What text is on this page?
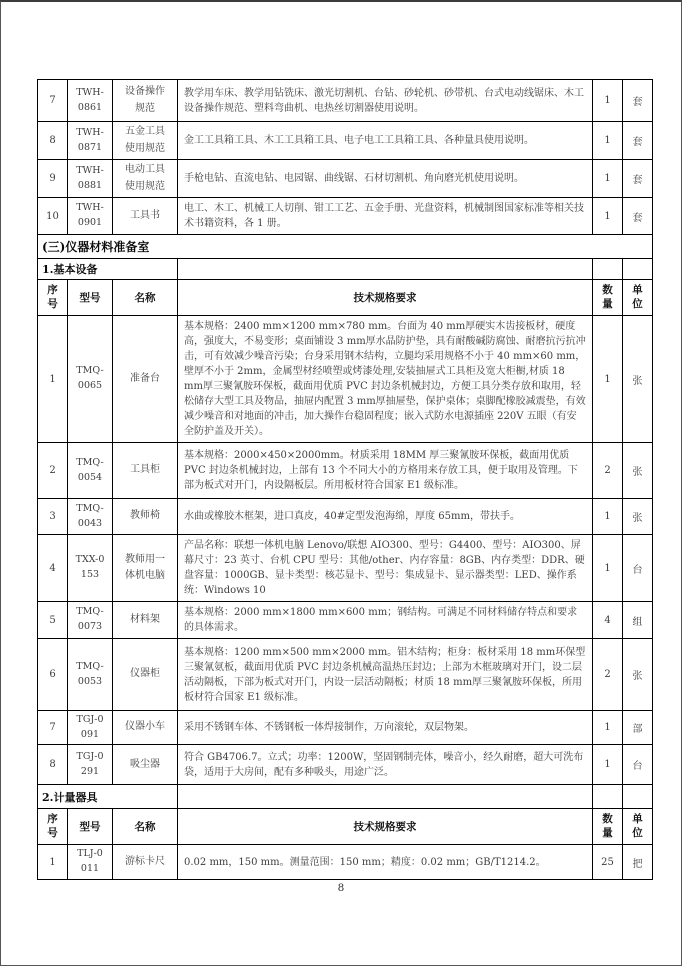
7	TWH-0861	设备操作规范	教学用车床、教学用钻铣床、激光切割机、台钻、砂轮机、砂带机、台式电动线锯床、木工设备操作规范、塑料弯曲机、电热丝切割器使用说明。	1	套
8	TWH-0871	五金工具使用规范	金工工具箱工具、木工工具箱工具、电子电工工具箱工具、各种量具使用说明。	1	套
9	TWH-0881	电动工具使用规范	手枪电钻、直流电钻、电园锯、曲线锯、石材切割机、角向磨光机使用说明。	1	套
10	TWH-0901	工具书	电工、木工、机械工人切削、钳工工艺、五金手册、光盘资料，机械制图国家标准等相关技术书籍资料，各 1 册。	1	套
(三)仪器材料准备室					
1.基本设备					

序号	型号	名称	技术规格要求	数量	单位

1	TMQ-0065	准备台	基本规格：2400 mm×1200 mm×780 mm。台面为 40 mm厚硬实木齿接板材，硬度高，强度大，不易变形；桌面铺设 3 mm厚水晶防护垫，具有耐酸碱防腐蚀、耐磨抗污抗冲击，可有效减少噪音污染；台身采用钢木结构，立腿均采用规格不小于 40 mm×60 mm，壁厚不小于 2mm，金属型材经喷塑或烤漆处理,安装抽屉式工具柜及宽大柜橱,材质 18 mm厚三聚氰胺环保板，截面用优质 PVC 封边条机械封边，方便工具分类存放和取用，轻松储存大型工具及物品，抽屉内配置 3 mm厚抽屉垫，保护桌体；桌脚配橡胶减震垫，有效减少噪音和对地面的冲击，加大操作台稳固程度；嵌入式防水电源插座 220V 五眼（有安全防护盖及开关）。	1	张
2	TMQ-0054	工具柜	基本规格：2000×450×2000mm。材质采用 18MM 厚三聚氰胺环保板，截面用优质 PVC 封边条机械封边，上部有 13 个不同大小的方格用来存放工具，便于取用及管理。下部为板式对开门，内设隔板层。所用板材符合国家 E1 级标准。	2	张
3	TMQ-0043	教师椅	水曲或橡胶木框架，进口真皮，40#定型发泡海绵，厚度 65mm，带扶手。	1	张
4	TXX-0153	教师用一体机电脑	产品名称：联想一体机电脑 Lenovo/联想 AIO300、型号：G4400、型号：AIO300、屏幕尺寸：23 英寸、台机 CPU 型号：其他/other、内存容量：8GB、内存类型：DDR、硬盘容量：1000GB、显卡类型：核芯显卡、型号：集成显卡、显示器类型：LED、操作系统：Windows 10	1	台
5	TMQ-0073	材料架	基本规格：2000 mm×1800 mm×600 mm；钢结构。可满足不同材料储存特点和要求的具体需求。	4	组
6	TMQ-0053	仪器柜	基本规格：1200 mm×500 mm×2000 mm。铝木结构；柜身：板材采用 18 mm环保型三聚氰氨板，截面用优质 PVC 封边条机械高温热压封边；上部为木框玻璃对开门，设二层活动隔板，下部为板式对开门，内设一层活动隔板；材质 18 mm厚三聚氰胺环保板，所用板材符合国家 E1 级标准。	2	张
7	TGJ-0091	仪器小车	采用不锈钢车体、不锈钢板一体焊接制作，万向滚轮，双层物架。	1	部
8	TGJ-0291	吸尘器	符合 GB4706.7。立式；功率：1200W，坚固钢制壳体，噪音小，经久耐磨，超大可洗布袋，适用于大房间，配有多种吸头，用途广泛。	1	台
2.计量器具					

序号	型号	名称	技术规格要求	数量	单位

1	TLJ-0011	游标卡尺	0.02 mm，150 mm。测量范围：150 mm；精度：0.02 mm；GB/T1214.2。	25	把
8
